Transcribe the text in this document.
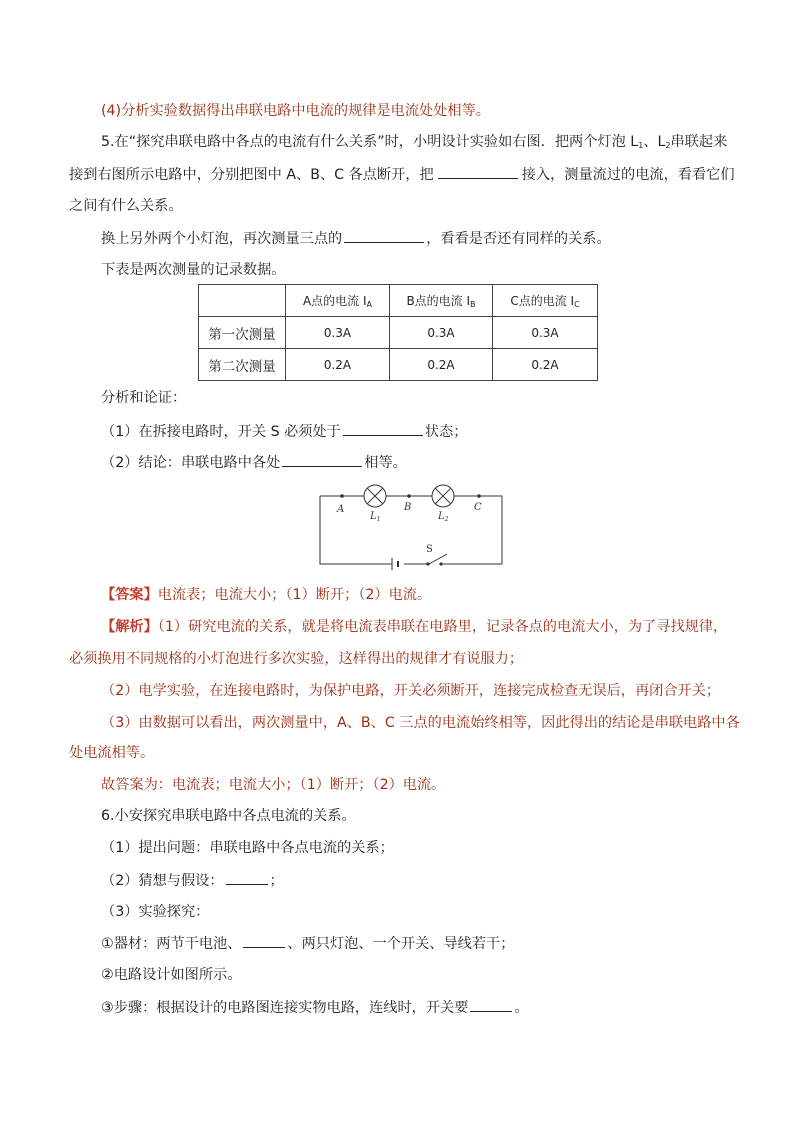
(4)分析实验数据得出串联电路中电流的规律是电流处处相等。
5.在“探究串联电路中各点的电流有什么关系”时，小明设计实验如右图．把两个灯泡 $L_1$、$L_2$串联起来
接到右图所示电路中，分别把图中 A、B、C 各点断开，把	接入，测量流过的电流，看看它们
之间有什么关系。
换上另外两个小灯泡，再次测量三点的	，看看是否还有同样的关系。
下表是两次测量的记录数据。
	A点的电流 $I_A$	B点的电流 $I_B$	C点的电流 $I_C$
第一次测量	0.3A	0.3A	0.3A
第二次测量	0.2A	0.2A	0.2A
分析和论证：
（1）在拆接电路时，开关 S 必须处于	状态；
（2）结论：串联电路中各处	相等。
A	B	C
$L_1$	$L_2$
S
【答案】电流表；电流大小；（1）断开；（2）电流。
【解析】（1）研究电流的关系，就是将电流表串联在电路里，记录各点的电流大小，为了寻找规律，
必须换用不同规格的小灯泡进行多次实验，这样得出的规律才有说服力；
（2）电学实验，在连接电路时，为保护电路，开关必须断开，连接完成检查无误后，再闭合开关；
（3）由数据可以看出，两次测量中，A、B、C 三点的电流始终相等，因此得出的结论是串联电路中各
处电流相等。
故答案为：电流表；电流大小；（1）断开；（2）电流。
6.小安探究串联电路中各点电流的关系。
（1）提出问题：串联电路中各点电流的关系；
（2）猜想与假设：	；
（3）实验探究：
①器材：两节干电池、	、两只灯泡、一个开关、导线若干；
②电路设计如图所示。
③步骤：根据设计的电路图连接实物电路，连线时，开关要	。
